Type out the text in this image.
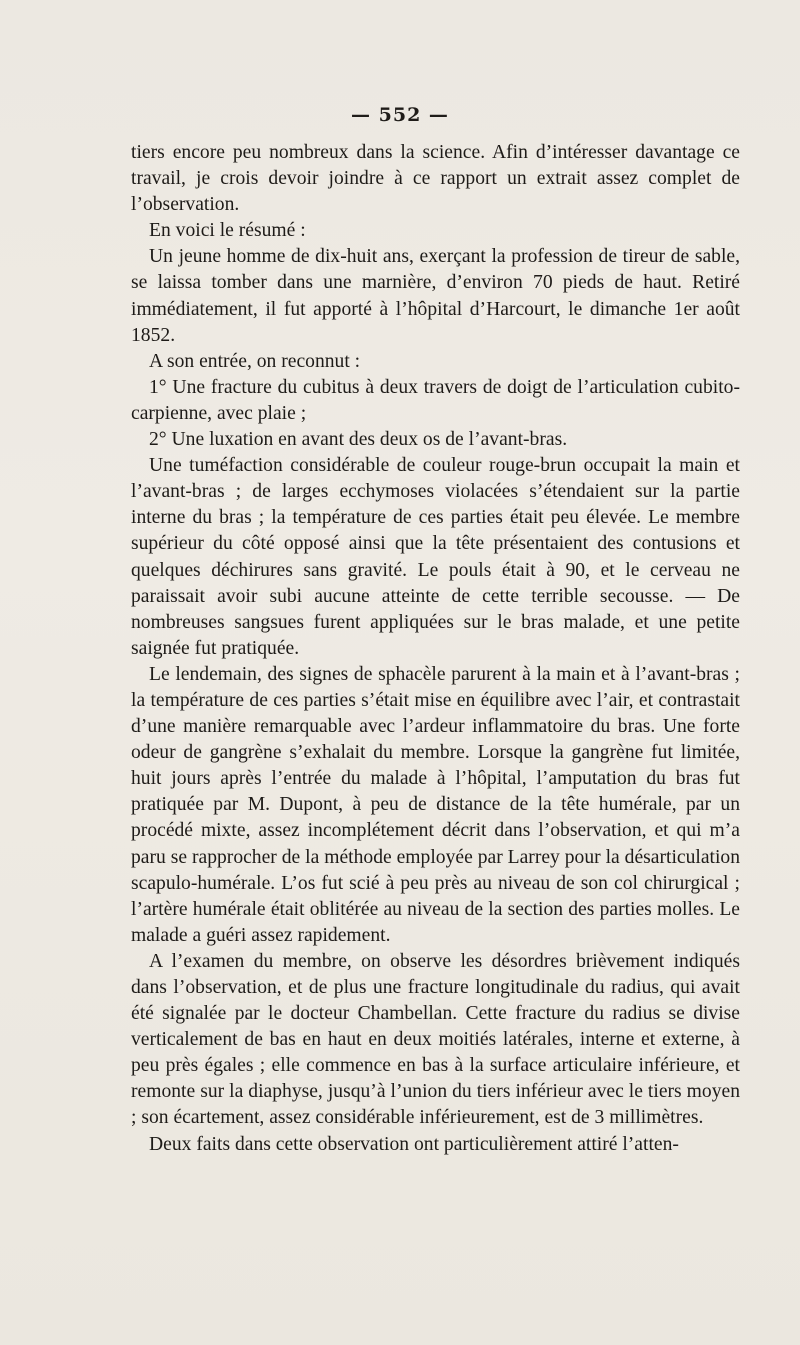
— 552 —

tiers encore peu nombreux dans la science. Afin d’intéresser davantage ce travail, je crois devoir joindre à ce rapport un extrait assez complet de l’observation.

En voici le résumé :

Un jeune homme de dix-huit ans, exerçant la profession de tireur de sable, se laissa tomber dans une marnière, d’environ 70 pieds de haut. Retiré immédiatement, il fut apporté à l’hôpital d’Harcourt, le dimanche 1er août 1852.

A son entrée, on reconnut :

1° Une fracture du cubitus à deux travers de doigt de l’articulation cubito-carpienne, avec plaie ;

2° Une luxation en avant des deux os de l’avant-bras.

Une tuméfaction considérable de couleur rouge-brun occupait la main et l’avant-bras ; de larges ecchymoses violacées s’étendaient sur la partie interne du bras ; la température de ces parties était peu élevée. Le membre supérieur du côté opposé ainsi que la tête présentaient des contusions et quelques déchirures sans gravité. Le pouls était à 90, et le cerveau ne paraissait avoir subi aucune atteinte de cette terrible secousse. — De nombreuses sangsues furent appliquées sur le bras malade, et une petite saignée fut pratiquée.

Le lendemain, des signes de sphacèle parurent à la main et à l’avant-bras ; la température de ces parties s’était mise en équilibre avec l’air, et contrastait d’une manière remarquable avec l’ardeur inflammatoire du bras. Une forte odeur de gangrène s’exhalait du membre. Lorsque la gangrène fut limitée, huit jours après l’entrée du malade à l’hôpital, l’amputation du bras fut pratiquée par M. Dupont, à peu de distance de la tête humérale, par un procédé mixte, assez incomplétement décrit dans l’observation, et qui m’a paru se rapprocher de la méthode employée par Larrey pour la désarticulation scapulo-humérale. L’os fut scié à peu près au niveau de son col chirurgical ; l’artère humérale était oblitérée au niveau de la section des parties molles. Le malade a guéri assez rapidement.

A l’examen du membre, on observe les désordres brièvement indiqués dans l’observation, et de plus une fracture longitudinale du radius, qui avait été signalée par le docteur Chambellan. Cette fracture du radius se divise verticalement de bas en haut en deux moitiés latérales, interne et externe, à peu près égales ; elle commence en bas à la surface articulaire inférieure, et remonte sur la diaphyse, jusqu’à l’union du tiers inférieur avec le tiers moyen ; son écartement, assez considérable inférieurement, est de 3 millimètres.

Deux faits dans cette observation ont particulièrement attiré l’atten-
